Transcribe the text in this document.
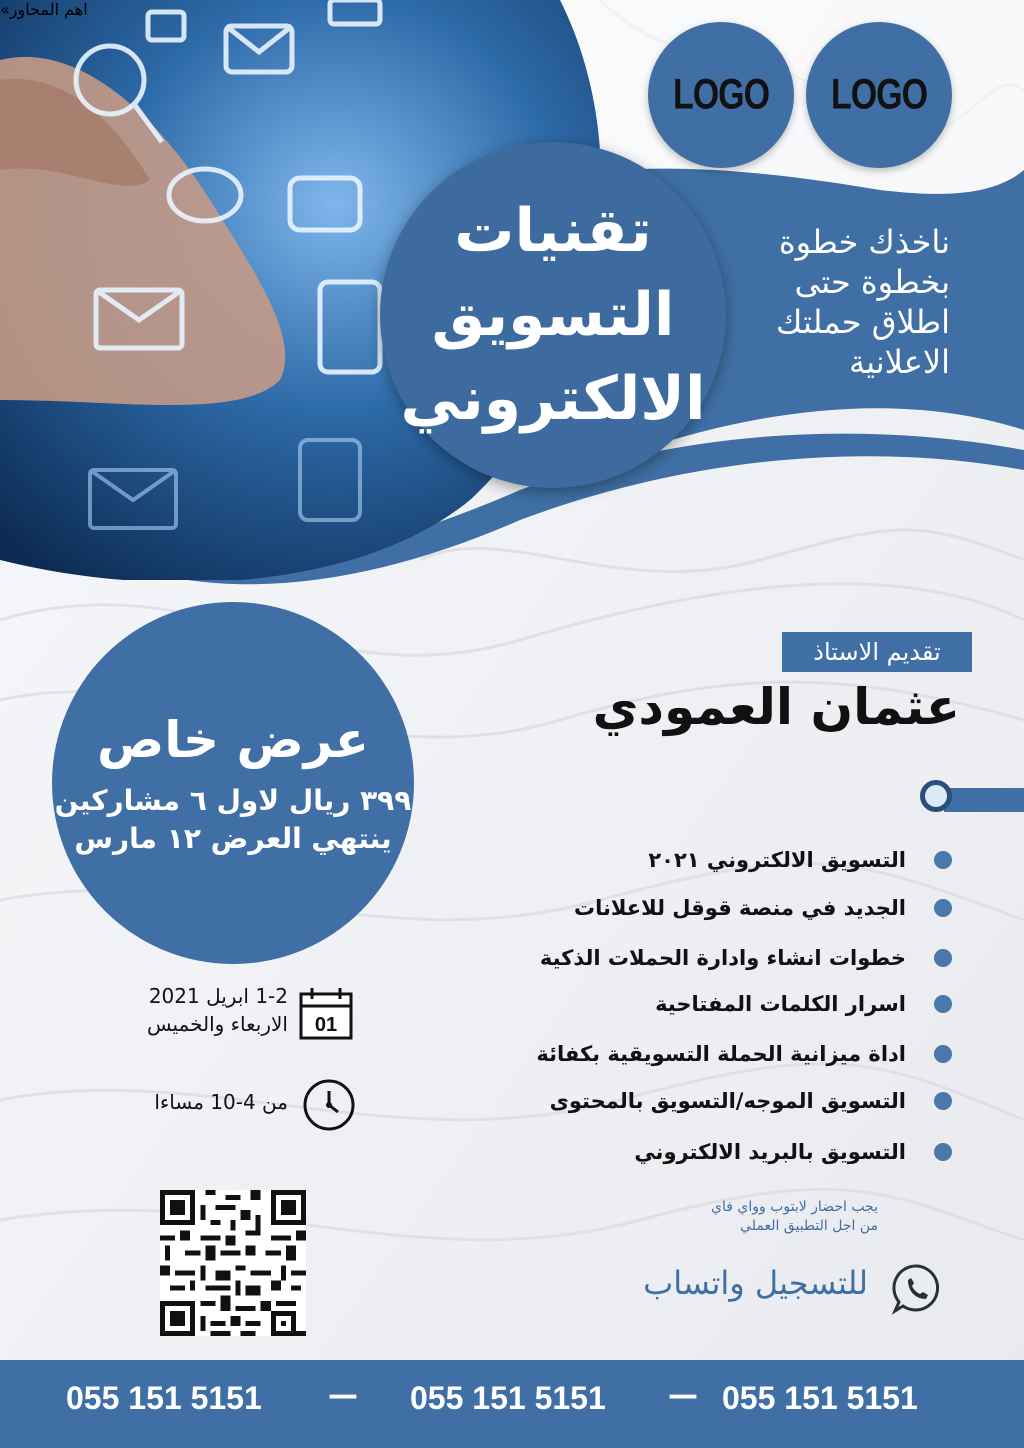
LOGO LOGO
تقنيات
التسويق
الالكتروني
ناخذك خطوة
بخطوة حتى
اطلاق حملتك
الاعلانية
عرض خاص
٣٩٩ ريال لاول ٦ مشاركين
ينتهي العرض ١٢ مارس
تقديم الاستاذ
عثمان العمودي
اهم المحاور»
التسويق الالكتروني ٢٠٢١
الجديد في منصة قوقل للاعلانات
خطوات انشاء وادارة الحملات الذكية
اسرار الكلمات المفتاحية
اداة ميزانية الحملة التسويقية بكفائة
التسويق الموجه/التسويق بالمحتوى
التسويق بالبريد الالكتروني
يجب احضار لابتوب وواي فاي
من اجل التطبيق العملي
للتسجيل واتساب
01
1-2 ابريل 2021
الاربعاء والخميس
من 4-10 مساءا
055 151 5151 — 055 151 5151 — 055 151 5151
